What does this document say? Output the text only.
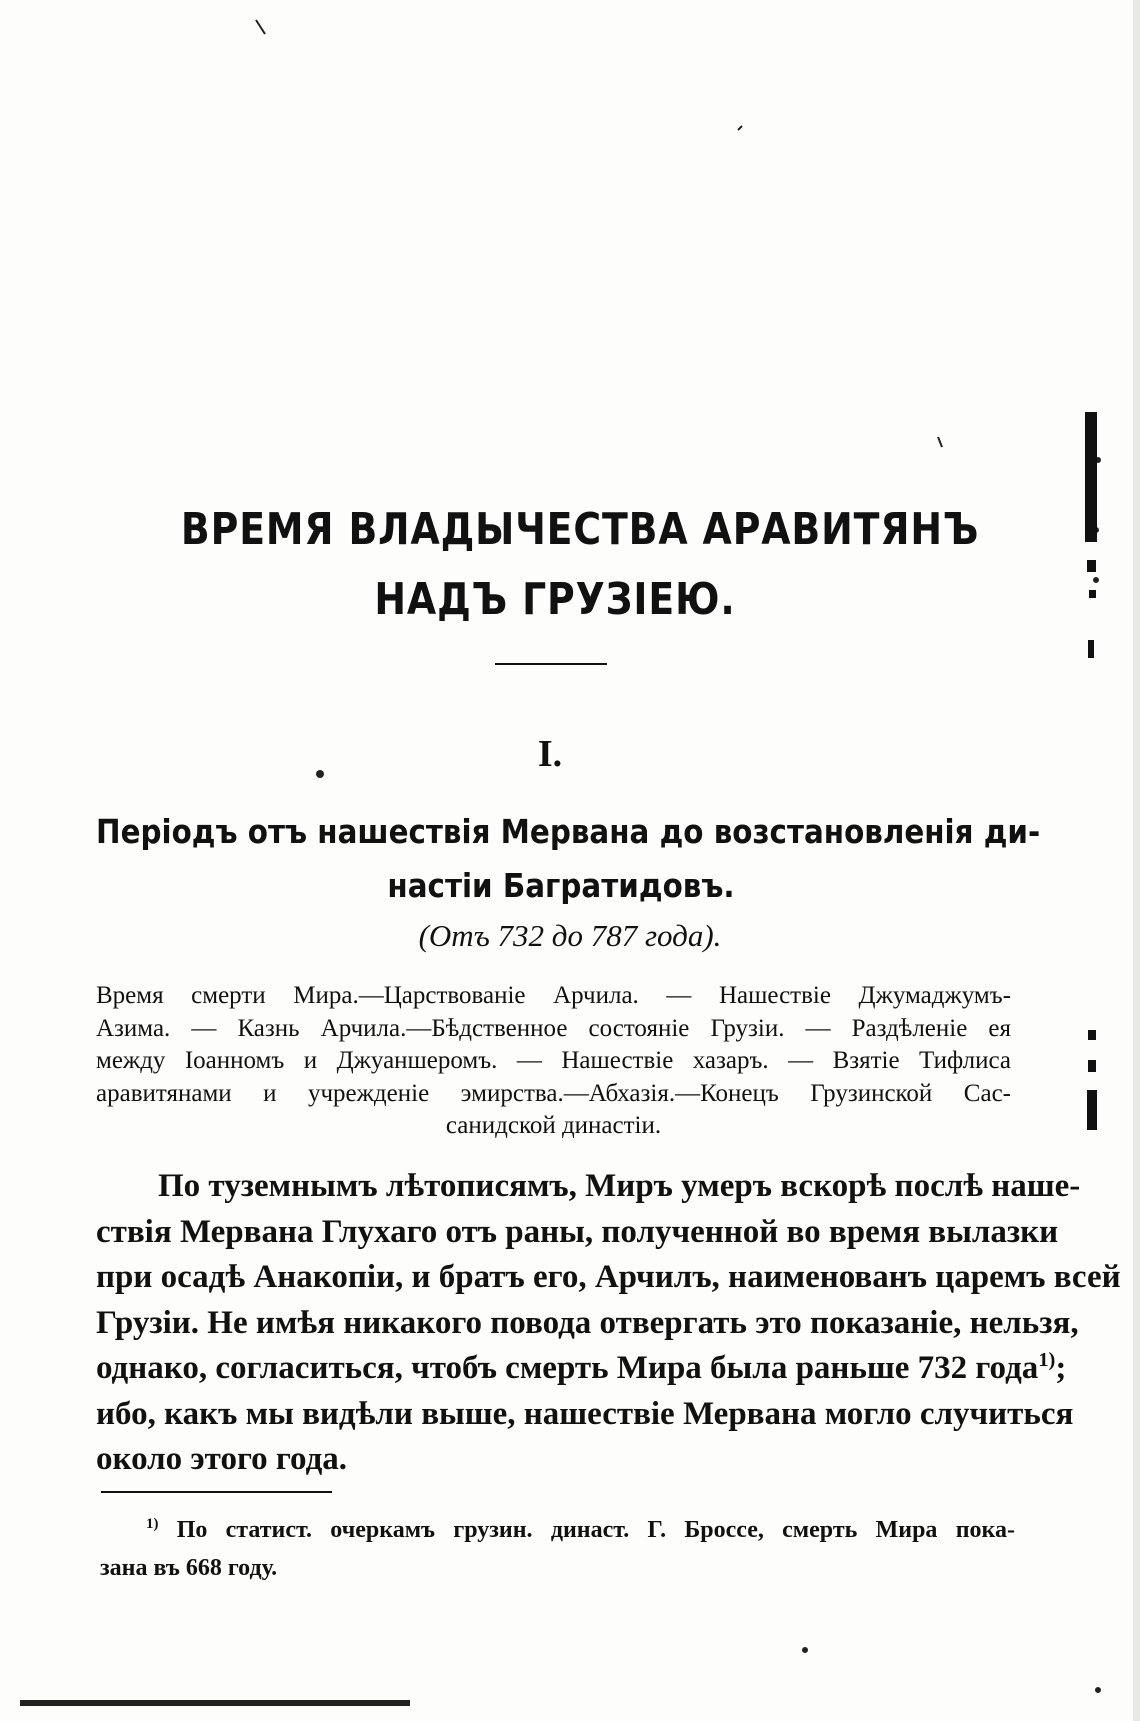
ВРЕМЯ ВЛАДЫЧЕСТВА АРАВИТЯНЪ
НАДЪ ГРУЗIЕЮ.
I.
Перiодъ отъ нашествiя Мервана до возстановленiя ди-
настiи Багратидовъ.
(Отъ 732 до 787 года).
Время смерти Мира.—Царствованiе Арчила. — Нашествiе Джумаджумъ-
Азима. — Казнь Арчила.—Бѣдственное состоянiе Грузiи. — Раздѣленiе ея
между Iоанномъ и Джуаншеромъ. — Нашествiе хазаръ. — Взятiе Тифлиса
аравитянами и учрежденiе эмирства.—Абхазiя.—Конецъ Грузинской Сас-
санидской династiи.
По туземнымъ лѣтописямъ, Миръ умеръ вскорѣ послѣ наше-
ствiя Мервана Глухаго отъ раны, полученной во время вылазки
при осадѣ Анакопiи, и братъ его, Арчилъ, наименованъ царемъ всей
Грузiи. Не имѣя никакого повода отвергать это показанiе, нельзя,
однако, согласиться, чтобъ смерть Мира была раньше 732 года$^{1)}$;
ибо, какъ мы видѣли выше, нашествiе Мервана могло случиться
около этого года.
$^{1)}$ По статист. очеркамъ грузин. династ. Г. Броссе, смерть Мира пока-
зана въ 668 году.
